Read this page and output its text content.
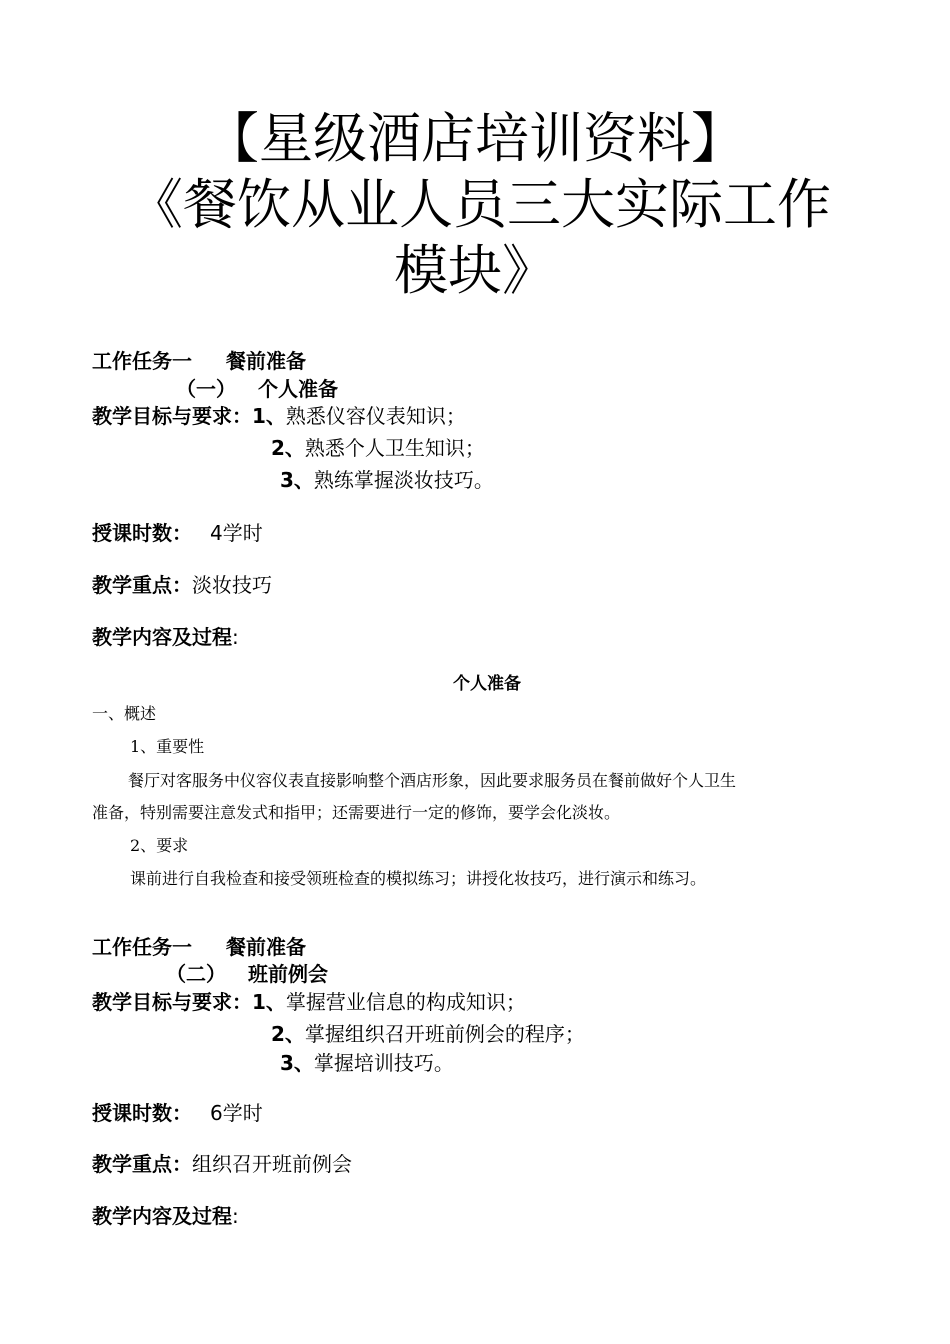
【星级酒店培训资料】
《餐饮从业人员三大实际工作
模块》
工作任务一 餐前准备
（一） 个人准备
教学目标与要求：1、熟悉仪容仪表知识；
2、熟悉个人卫生知识；
3、熟练掌握淡妆技巧。
授课时数： 4学时
教学重点：淡妆技巧
教学内容及过程:
个人准备
一、概述
1、重要性
餐厅对客服务中仪容仪表直接影响整个酒店形象，因此要求服务员在餐前做好个人卫生
准备，特别需要注意发式和指甲；还需要进行一定的修饰，要学会化淡妆。
2、要求
课前进行自我检查和接受领班检查的模拟练习；讲授化妆技巧，进行演示和练习。
工作任务一 餐前准备
（二） 班前例会
教学目标与要求：1、掌握营业信息的构成知识；
2、掌握组织召开班前例会的程序；
3、掌握培训技巧。
授课时数： 6学时
教学重点：组织召开班前例会
教学内容及过程:
